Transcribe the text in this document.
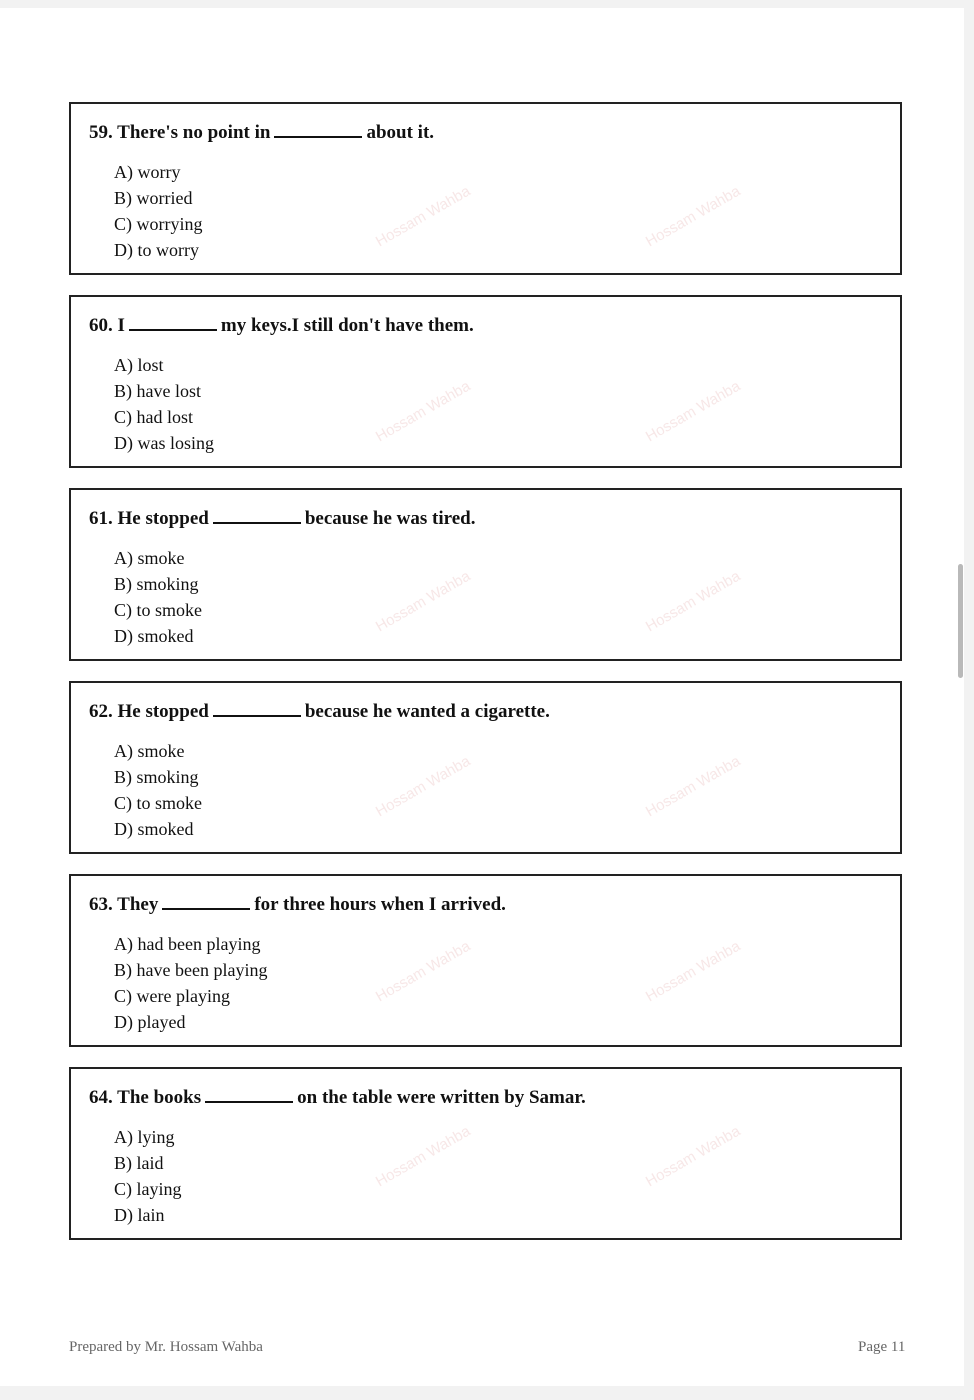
59. There's no point in	about it.

A) worry
B) worried
C) worrying
D) to worry

60. I	my keys.I still don't have them.

A) lost
B) have lost
C) had lost
D) was losing

61. He stopped	because he was tired.

A) smoke
B) smoking
C) to smoke
D) smoked

62. He stopped	because he wanted a cigarette.

A) smoke
B) smoking
C) to smoke
D) smoked

63. They	for three hours when I arrived.

A) had been playing
B) have been playing
C) were playing
D) played

64. The books	on the table were written by Samar.

A) lying
B) laid
C) laying
D) lain
Hossam Wahba	Hossam Wahba
Hossam Wahba	Hossam Wahba
Hossam Wahba	Hossam Wahba
Hossam Wahba	Hossam Wahba
Hossam Wahba	Hossam Wahba
Hossam Wahba	Hossam Wahba
Prepared by Mr. Hossam Wahba	Page 11
